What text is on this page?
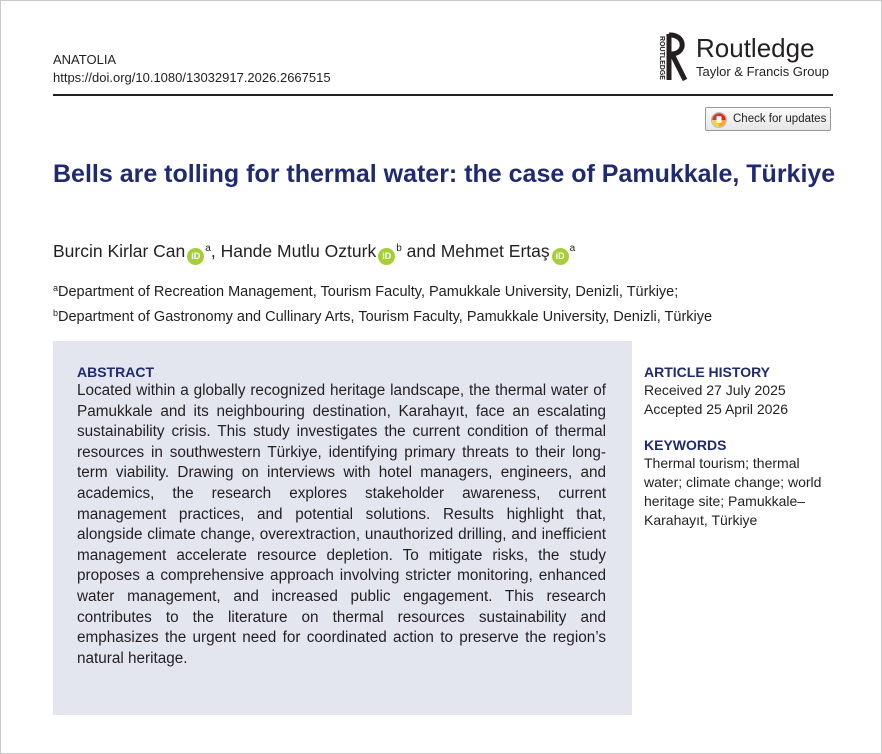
ANATOLIA
https://doi.org/10.1080/13032917.2026.2667515	ROUTLEDGE Routledge
Taylor & Francis Group
Check for updates
Bells are tolling for thermal water: the case of Pamukkale, Türkiye
Burcin Kirlar Can $iD^a$, Hande Mutlu Ozturk $iD^b$ and Mehmet Ertaş $iD^a$
$^a$Department of Recreation Management, Tourism Faculty, Pamukkale University, Denizli, Türkiye;
$^b$Department of Gastronomy and Cullinary Arts, Tourism Faculty, Pamukkale University, Denizli, Türkiye
ABSTRACT

Located within a globally recognized heritage landscape, the thermal water of Pamukkale and its neighbouring destination, Karahayıt, face an escalating sustainability crisis. This study investigates the current condition of thermal resources in southwestern Türkiye, identifying primary threats to their long-term viability. Drawing on interviews with hotel managers, engineers, and academics, the research explores stakeholder awareness, current management practices, and potential solutions. Results highlight that, alongside climate change, overextraction, unauthorized drilling, and inefficient management accelerate resource depletion. To mitigate risks, the study proposes a comprehensive approach involving stricter monitoring, enhanced water management, and increased public engagement. This research contributes to the literature on thermal resources sustainability and emphasizes the urgent need for coordinated action to preserve the region’s natural heritage.

ARTICLE HISTORY
Received 27 July 2025
Accepted 25 April 2026
KEYWORDS

Thermal tourism; thermal water; climate change; world heritage site; Pamukkale–Karahayıt, Türkiye
